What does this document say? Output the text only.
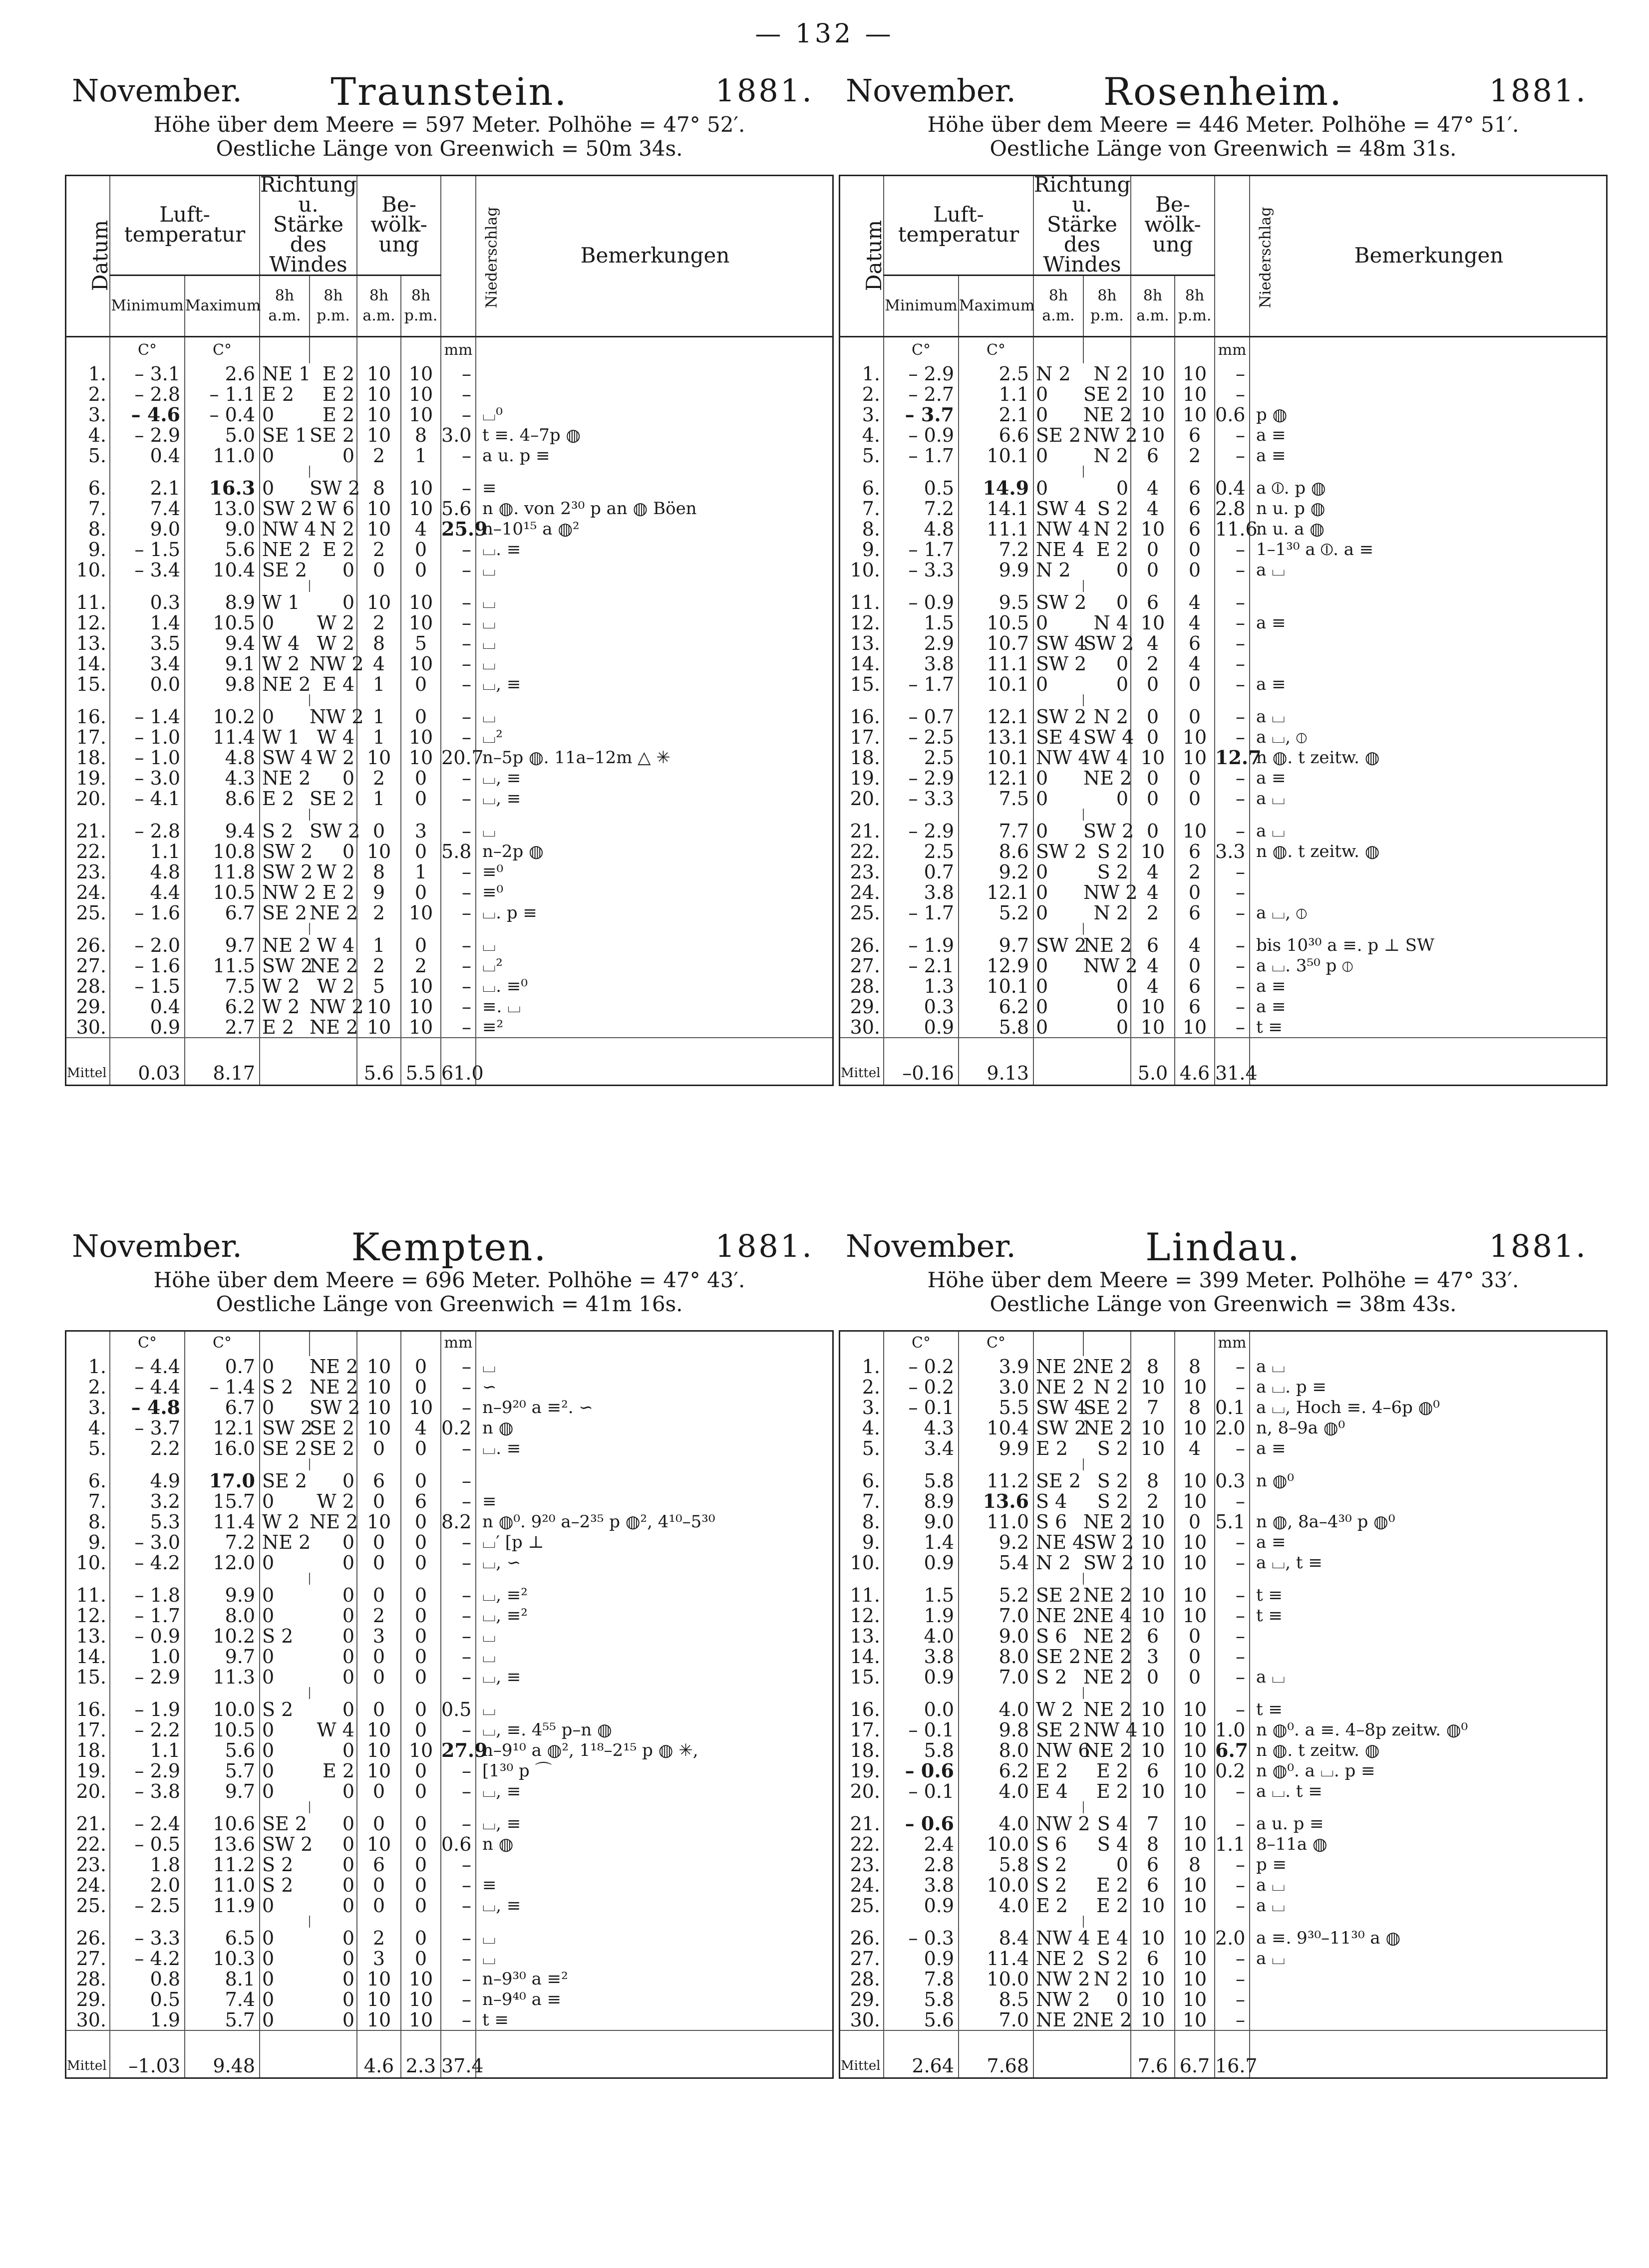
— 132 —
November.	Traunstein.	1881.
Höhe über dem Meere = 597 Meter. Polhöhe = 47° 52′.
Oestliche Länge von Greenwich = 50m 34s.
Datum	Luft-temperatur		Richtung u. Stärke des Windes		Be-wölk-ung		Niederschlag	Bemerkungen
	Minimum	Maximum	8h a.m.	8h p.m.	8h a.m.	8h p.m.		
	C°	C°					mm	
1.	– 3.1	2.6	NE 1	E 2	10	10	–	
2.	– 2.8	– 1.1	E 2	E 2	10	10	–	
3.	– 4.6	– 0.4	0	E 2	10	10	–	⌴⁰
4.	– 2.9	5.0	SE 1	SE 2	10	8	3.0	t ≡. 4–7p ◍
5.	0.4	11.0	0	0	2	1	–	a u. p ≡

6.	2.1	16.3	0	SW 2	8	10	–	≡
7.	7.4	13.0	SW 2	W 6	10	10	5.6	n ◍. von 2³⁰ p an ◍ Böen
8.	9.0	9.0	NW 4	N 2	10	4	25.9	n–10¹⁵ a ◍²
9.	– 1.5	5.6	NE 2	E 2	2	0	–	⌴. ≡
10.	– 3.4	10.4	SE 2	0	0	0	–	⌴

11.	0.3	8.9	W 1	0	10	10	–	⌴
12.	1.4	10.5	0	W 2	2	10	–	⌴
13.	3.5	9.4	W 4	W 2	8	5	–	⌴
14.	3.4	9.1	W 2	NW 2	4	10	–	⌴
15.	0.0	9.8	NE 2	E 4	1	0	–	⌴, ≡

16.	– 1.4	10.2	0	NW 2	1	0	–	⌴
17.	– 1.0	11.4	W 1	W 4	1	10	–	⌴²
18.	– 1.0	4.8	SW 4	W 2	10	10	20.7	n–5p ◍. 11a–12m △ ✳
19.	– 3.0	4.3	NE 2	0	2	0	–	⌴, ≡
20.	– 4.1	8.6	E 2	SE 2	1	0	–	⌴, ≡

21.	– 2.8	9.4	S 2	SW 2	0	3	–	⌴
22.	1.1	10.8	SW 2	0	10	0	5.8	n–2p ◍
23.	4.8	11.8	SW 2	W 2	8	1	–	≡⁰
24.	4.4	10.5	NW 2	E 2	9	0	–	≡⁰
25.	– 1.6	6.7	SE 2	NE 2	2	10	–	⌴. p ≡

26.	– 2.0	9.7	NE 2	W 4	1	0	–	⌴
27.	– 1.6	11.5	SW 2	NE 2	2	2	–	⌴²
28.	– 1.5	7.5	W 2	W 2	5	10	–	⌴. ≡⁰
29.	0.4	6.2	W 2	NW 2	10	10	–	≡. ⌴
30.	0.9	2.7	E 2	NE 2	10	10	–	≡²
Mittel	0.03	8.17			5.6	5.5	61.0	
November.	Rosenheim.	1881.
Höhe über dem Meere = 446 Meter. Polhöhe = 47° 51′.
Oestliche Länge von Greenwich = 48m 31s.
Datum	Luft-temperatur		Richtung u. Stärke des Windes		Be-wölk-ung		Niederschlag	Bemerkungen
	Minimum	Maximum	8h a.m.	8h p.m.	8h a.m.	8h p.m.		
	C°	C°					mm	
1.	– 2.9	2.5	N 2	N 2	10	10	–	
2.	– 2.7	1.1	0	SE 2	10	10	–	
3.	– 3.7	2.1	0	NE 2	10	10	0.6	p ◍
4.	– 0.9	6.6	SE 2	NW 2	10	6	–	a ≡
5.	– 1.7	10.1	0	N 2	6	2	–	a ≡

6.	0.5	14.9	0	0	4	6	0.4	a ⦶. p ◍
7.	7.2	14.1	SW 4	S 2	4	6	2.8	n u. p ◍
8.	4.8	11.1	NW 4	N 2	10	6	11.6	n u. a ◍
9.	– 1.7	7.2	NE 4	E 2	0	0	–	1–1³⁰ a ⦶. a ≡
10.	– 3.3	9.9	N 2	0	0	0	–	a ⌴

11.	– 0.9	9.5	SW 2	0	6	4	–	
12.	1.5	10.5	0	N 4	10	4	–	a ≡
13.	2.9	10.7	SW 4	SW 2	4	6	–	
14.	3.8	11.1	SW 2	0	2	4	–	
15.	– 1.7	10.1	0	0	0	0	–	a ≡

16.	– 0.7	12.1	SW 2	N 2	0	0	–	a ⌴
17.	– 2.5	13.1	SE 4	SW 4	0	10	–	a ⌴, ⦶
18.	2.5	10.1	NW 4	W 4	10	10	12.7	n ◍. t zeitw. ◍
19.	– 2.9	12.1	0	NE 2	0	0	–	a ≡
20.	– 3.3	7.5	0	0	0	0	–	a ⌴

21.	– 2.9	7.7	0	SW 2	0	10	–	a ⌴
22.	2.5	8.6	SW 2	S 2	10	6	3.3	n ◍. t zeitw. ◍
23.	0.7	9.2	0	S 2	4	2	–	
24.	3.8	12.1	0	NW 2	4	0	–	
25.	– 1.7	5.2	0	N 2	2	6	–	a ⌴, ⦶

26.	– 1.9	9.7	SW 2	NE 2	6	4	–	bis 10³⁰ a ≡. p ⊥ SW
27.	– 2.1	12.9	0	NW 2	4	0	–	a ⌴. 3⁵⁰ p ⦶
28.	1.3	10.1	0	0	4	6	–	a ≡
29.	0.3	6.2	0	0	10	6	–	a ≡
30.	0.9	5.8	0	0	10	10	–	t ≡
Mittel	–0.16	9.13			5.0	4.6	31.4	
November.	Kempten.	1881.
Höhe über dem Meere = 696 Meter. Polhöhe = 47° 43′.
Oestliche Länge von Greenwich = 41m 16s.
	C°	C°					mm	
1.	– 4.4	0.7	0	NE 2	10	0	–	⌴
2.	– 4.4	– 1.4	S 2	NE 2	10	0	–	∽
3.	– 4.8	6.7	0	SW 2	10	10	–	n–9²⁰ a ≡². ∽
4.	– 3.7	12.1	SW 2	SE 2	10	4	0.2	n ◍
5.	2.2	16.0	SE 2	SE 2	0	0	–	⌴. ≡

6.	4.9	17.0	SE 2	0	6	0	–	
7.	3.2	15.7	0	W 2	0	6	–	≡
8.	5.3	11.4	W 2	NE 2	10	0	8.2	n ◍⁰. 9²⁰ a–2³⁵ p ◍², 4¹⁰–5³⁰
9.	– 3.0	7.2	NE 2	0	0	0	–	⌴′ [p ⊥
10.	– 4.2	12.0	0	0	0	0	–	⌴, ∽

11.	– 1.8	9.9	0	0	0	0	–	⌴, ≡²
12.	– 1.7	8.0	0	0	2	0	–	⌴, ≡²
13.	– 0.9	10.2	S 2	0	3	0	–	⌴
14.	1.0	9.7	0	0	0	0	–	⌴
15.	– 2.9	11.3	0	0	0	0	–	⌴, ≡

16.	– 1.9	10.0	S 2	0	0	0	0.5	⌴
17.	– 2.2	10.5	0	W 4	10	0	–	⌴, ≡. 4⁵⁵ p–n ◍
18.	1.1	5.6	0	0	10	10	27.9	n–9¹⁰ a ◍², 1¹⁸–2¹⁵ p ◍ ✳,
19.	– 2.9	5.7	0	E 2	10	0	–	[1³⁰ p ⌒
20.	– 3.8	9.7	0	0	0	0	–	⌴, ≡

21.	– 2.4	10.6	SE 2	0	0	0	–	⌴, ≡
22.	– 0.5	13.6	SW 2	0	10	0	0.6	n ◍
23.	1.8	11.2	S 2	0	6	0	–	
24.	2.0	11.0	S 2	0	0	0	–	≡
25.	– 2.5	11.9	0	0	0	0	–	⌴, ≡

26.	– 3.3	6.5	0	0	2	0	–	⌴
27.	– 4.2	10.3	0	0	3	0	–	⌴
28.	0.8	8.1	0	0	10	10	–	n–9³⁰ a ≡²
29.	0.5	7.4	0	0	10	10	–	n–9⁴⁰ a ≡
30.	1.9	5.7	0	0	10	10	–	t ≡
Mittel	–1.03	9.48			4.6	2.3	37.4	
November.	Lindau.	1881.
Höhe über dem Meere = 399 Meter. Polhöhe = 47° 33′.
Oestliche Länge von Greenwich = 38m 43s.
	C°	C°					mm	
1.	– 0.2	3.9	NE 2	NE 2	8	8	–	a ⌴
2.	– 0.2	3.0	NE 2	N 2	10	10	–	a ⌴. p ≡
3.	– 0.1	5.5	SW 4	SE 2	7	8	0.1	a ⌴, Hoch ≡. 4–6p ◍⁰
4.	4.3	10.4	SW 2	NE 2	10	10	2.0	n, 8–9a ◍⁰
5.	3.4	9.9	E 2	S 2	10	4	–	a ≡

6.	5.8	11.2	SE 2	S 2	8	10	0.3	n ◍⁰
7.	8.9	13.6	S 4	S 2	2	10	–	
8.	9.0	11.0	S 6	NE 2	10	0	5.1	n ◍, 8a–4³⁰ p ◍⁰
9.	1.4	9.2	NE 4	SW 2	10	10	–	a ≡
10.	0.9	5.4	N 2	SW 2	10	10	–	a ⌴, t ≡

11.	1.5	5.2	SE 2	NE 2	10	10	–	t ≡
12.	1.9	7.0	NE 2	NE 4	10	10	–	t ≡
13.	4.0	9.0	S 6	NE 2	6	0	–	
14.	3.8	8.0	SE 2	NE 2	3	0	–	
15.	0.9	7.0	S 2	NE 2	0	0	–	a ⌴

16.	0.0	4.0	W 2	NE 2	10	10	–	t ≡
17.	– 0.1	9.8	SE 2	NW 4	10	10	1.0	n ◍⁰. a ≡. 4–8p zeitw. ◍⁰
18.	5.8	8.0	NW 6	NE 2	10	10	6.7	n ◍. t zeitw. ◍
19.	– 0.6	6.2	E 2	E 2	6	10	0.2	n ◍⁰. a ⌴. p ≡
20.	– 0.1	4.0	E 4	E 2	10	10	–	a ⌴. t ≡

21.	– 0.6	4.0	NW 2	S 4	7	10	–	a u. p ≡
22.	2.4	10.0	S 6	S 4	8	10	1.1	8–11a ◍
23.	2.8	5.8	S 2	0	6	8	–	p ≡
24.	3.8	10.0	S 2	E 2	6	10	–	a ⌴
25.	0.9	4.0	E 2	E 2	10	10	–	a ⌴

26.	– 0.3	8.4	NW 4	E 4	10	10	2.0	a ≡. 9³⁰–11³⁰ a ◍
27.	0.9	11.4	NE 2	S 2	6	10	–	a ⌴
28.	7.8	10.0	NW 2	N 2	10	10	–	
29.	5.8	8.5	NW 2	0	10	10	–	
30.	5.6	7.0	NE 2	NE 2	10	10	–	
Mittel	2.64	7.68			7.6	6.7	16.7	
